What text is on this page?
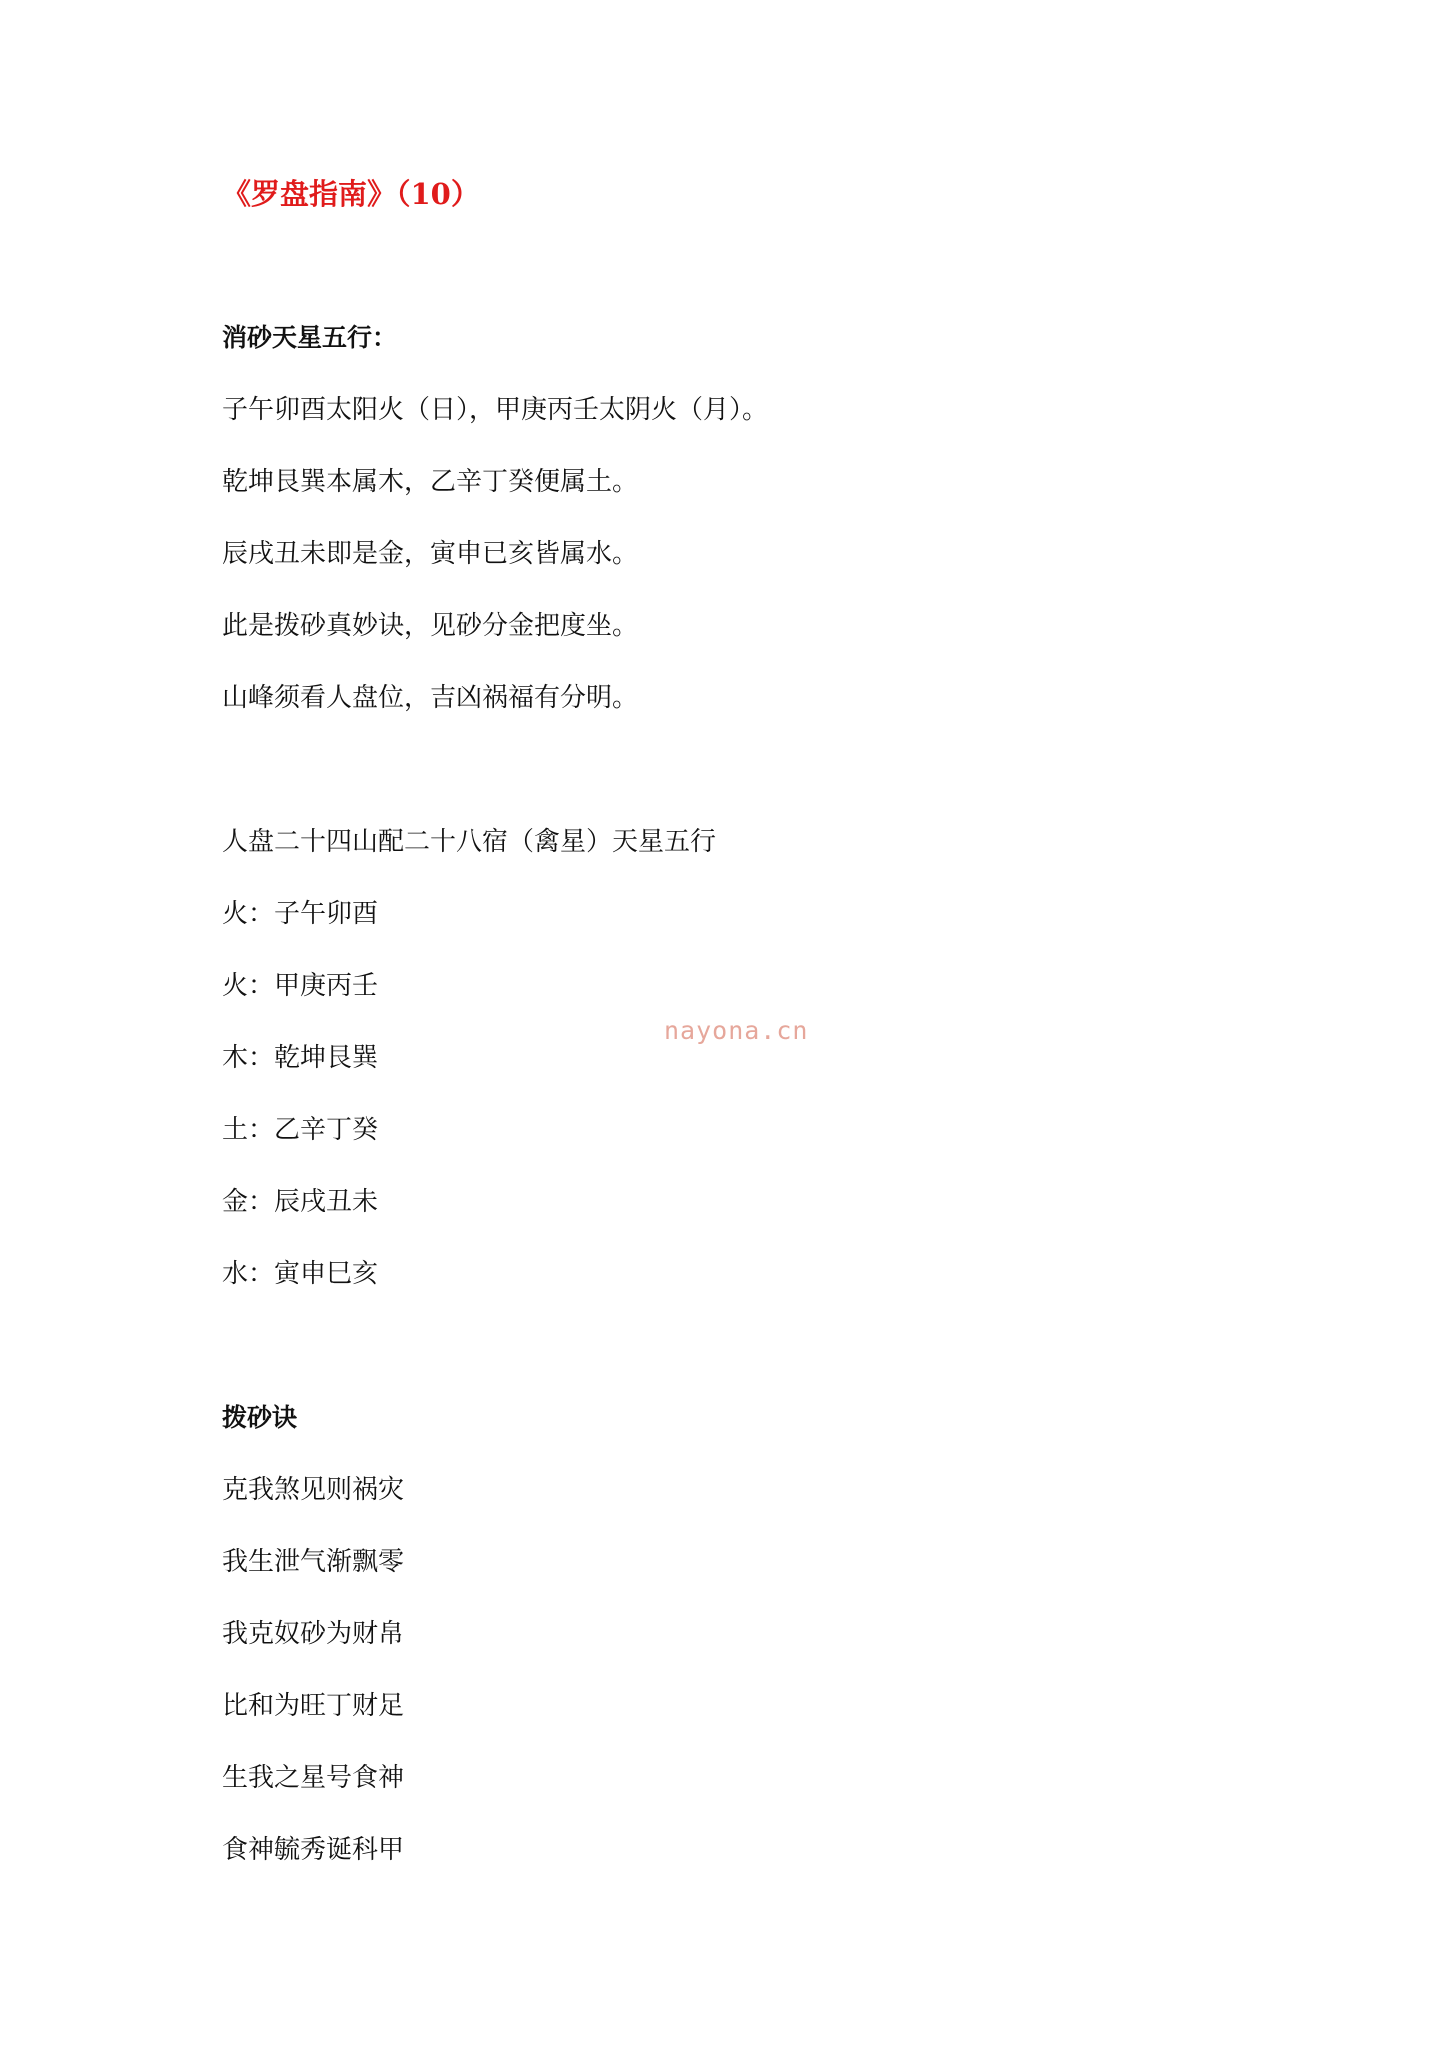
《罗盘指南》（10）
消砂天星五行：
子午卯酉太阳火（日），甲庚丙壬太阴火（月）。
乾坤艮巽本属木，乙辛丁癸便属土。
辰戌丑未即是金，寅申已亥皆属水。
此是拨砂真妙诀，见砂分金把度坐。
山峰须看人盘位，吉凶祸福有分明。
人盘二十四山配二十八宿（禽星）天星五行
火：子午卯酉
火：甲庚丙壬
木：乾坤艮巽
土：乙辛丁癸
金：辰戌丑未
水：寅申巳亥
拨砂诀
克我煞见则祸灾
我生泄气渐飘零
我克奴砂为财帛
比和为旺丁财足
生我之星号食神
食神毓秀诞科甲
nayona.cn
